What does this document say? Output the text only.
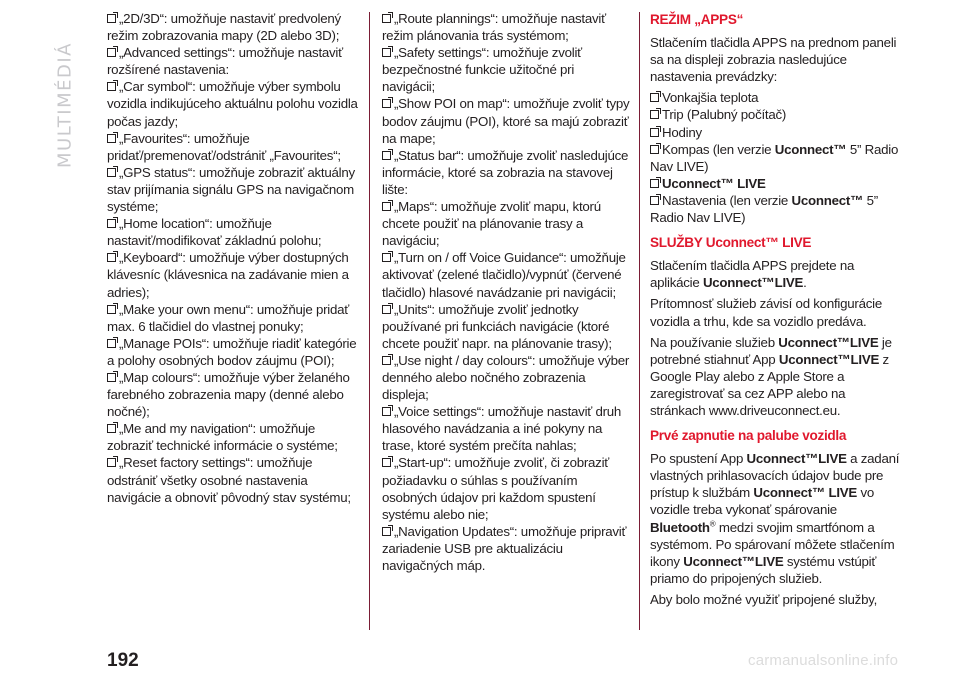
MULTIMÉDIÁ
„2D/3D“: umožňuje nastaviť predvolený režim zobrazovania mapy (2D alebo 3D);
„Advanced settings“: umožňuje nastaviť rozšírené nastavenia:
„Car symbol“: umožňuje výber symbolu vozidla indikujúceho aktuálnu polohu vozidla počas jazdy;
„Favourites“: umožňuje pridať/premenovať/odstrániť „Favourites“;
„GPS status“: umožňuje zobraziť aktuálny stav prijímania signálu GPS na navigačnom systéme;
„Home location“: umožňuje nastaviť/modifikovať základnú polohu;
„Keyboard“: umožňuje výber dostupných klávesníc (klávesnica na zadávanie mien a adries);
„Make your own menu“: umožňuje pridať max. 6 tlačidiel do vlastnej ponuky;
„Manage POIs“: umožňuje riadiť kategórie a polohy osobných bodov záujmu (POI);
„Map colours“: umožňuje výber želaného farebného zobrazenia mapy (denné alebo nočné);
„Me and my navigation“: umožňuje zobraziť technické informácie o systéme;
„Reset factory settings“: umožňuje odstrániť všetky osobné nastavenia navigácie a obnoviť pôvodný stav systému;
„Route plannings“: umožňuje nastaviť režim plánovania trás systémom;
„Safety settings“: umožňuje zvoliť bezpečnostné funkcie užitočné pri navigácii;
„Show POI on map“: umožňuje zvoliť typy bodov záujmu (POI), ktoré sa majú zobraziť na mape;
„Status bar“: umožňuje zvoliť nasledujúce informácie, ktoré sa zobrazia na stavovej lište:
„Maps“: umožňuje zvoliť mapu, ktorú chcete použiť na plánovanie trasy a navigáciu;
„Turn on / off Voice Guidance“: umožňuje aktivovať (zelené tlačidlo)/vypnúť (červené tlačidlo) hlasové navádzanie pri navigácii;
„Units“: umožňuje zvoliť jednotky používané pri funkciách navigácie (ktoré chcete použiť napr. na plánovanie trasy);
„Use night / day colours“: umožňuje výber denného alebo nočného zobrazenia displeja;
„Voice settings“: umožňuje nastaviť druh hlasového navádzania a iné pokyny na trase, ktoré systém prečíta nahlas;
„Start-up“: umožňuje zvoliť, či zobraziť požiadavku o súhlas s používaním osobných údajov pri každom spustení systému alebo nie;
„Navigation Updates“: umožňuje pripraviť zariadenie USB pre aktualizáciu navigačných máp.
REŽIM „APPS“
Stlačením tlačidla APPS na prednom paneli sa na displeji zobrazia nasledujúce nastavenia prevádzky:
Vonkajšia teplota
Trip (Palubný počítač)
Hodiny
Kompas (len verzie Uconnect™ 5” Radio Nav LIVE)
Uconnect™ LIVE
Nastavenia (len verzie Uconnect™ 5” Radio Nav LIVE)
SLUŽBY Uconnect™ LIVE
Stlačením tlačidla APPS prejdete na aplikácie Uconnect™LIVE.
Prítomnosť služieb závisí od konfigurácie vozidla a trhu, kde sa vozidlo predáva.
Na používanie služieb Uconnect™LIVE je potrebné stiahnuť App Uconnect™LIVE z Google Play alebo z Apple Store a zaregistrovať sa cez APP alebo na stránkach www.driveuconnect.eu.
Prvé zapnutie na palube vozidla
Po spustení App Uconnect™LIVE a zadaní vlastných prihlasovacích údajov bude pre prístup k službám Uconnect™ LIVE vo vozidle treba vykonať spárovanie Bluetooth® medzi svojim smartfónom a systémom. Po spárovaní môžete stlačením ikony Uconnect™LIVE systému vstúpiť priamo do pripojených služieb.
Aby bolo možné využiť pripojené služby,
192	carmanualsonline.info
